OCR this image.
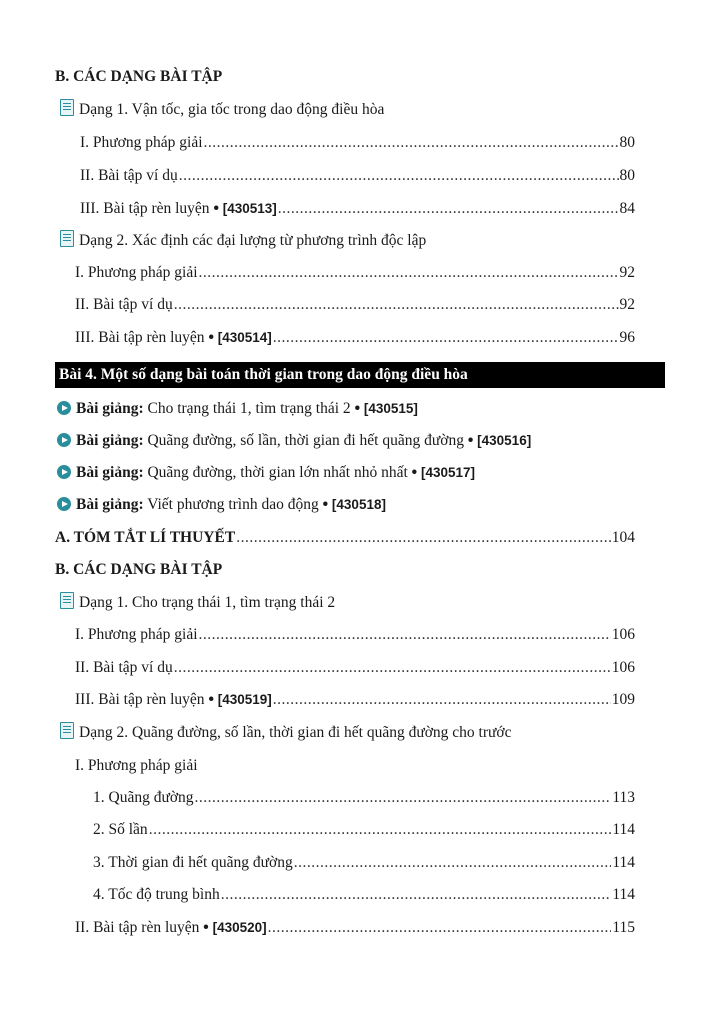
B. CÁC DẠNG BÀI TẬP
Dạng 1. Vận tốc, gia tốc trong dao động điều hòa
I. Phương pháp giải .....	80
II. Bài tập ví dụ .....	80
III. Bài tập rèn luyện • [430513] .....	84
Dạng 2. Xác định các đại lượng từ phương trình độc lập
I. Phương pháp giải .....	92
II. Bài tập ví dụ .....	92
III. Bài tập rèn luyện • [430514] .....	96
Bài 4. Một số dạng bài toán thời gian trong dao động điều hòa
Bài giảng: Cho trạng thái 1, tìm trạng thái 2 • [430515]
Bài giảng: Quãng đường, số lần, thời gian đi hết quãng đường • [430516]
Bài giảng: Quãng đường, thời gian lớn nhất nhỏ nhất • [430517]
Bài giảng: Viết phương trình dao động • [430518]
A. TÓM TẮT LÍ THUYẾT .....	104
B. CÁC DẠNG BÀI TẬP
Dạng 1. Cho trạng thái 1, tìm trạng thái 2
I. Phương pháp giải .....	106
II. Bài tập ví dụ .....	106
III. Bài tập rèn luyện • [430519] .....	109
Dạng 2. Quãng đường, số lần, thời gian đi hết quãng đường cho trước
I. Phương pháp giải
1. Quãng đường .....	113
2. Số lần .....	114
3. Thời gian đi hết quãng đường .....	114
4. Tốc độ trung bình .....	114
II. Bài tập rèn luyện • [430520] .....	115
